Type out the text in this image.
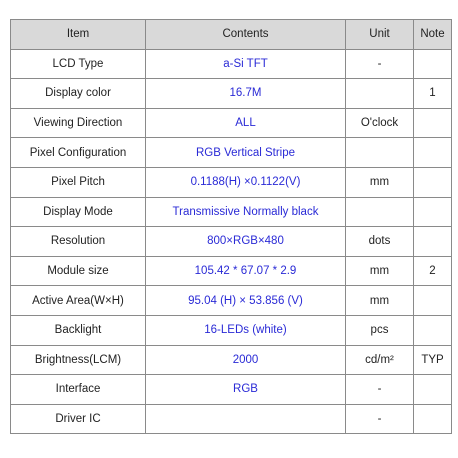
Item	Contents	Unit	Note
LCD Type	a-Si TFT	-	
Display color	16.7M		1
Viewing Direction	ALL	O'clock	
Pixel Configuration	RGB Vertical Stripe		
Pixel Pitch	0.1188(H) ×0.1122(V)	mm	
Display Mode	Transmissive Normally black		
Resolution	800×RGB×480	dots	
Module size	105.42 * 67.07 * 2.9	mm	2
Active Area(W×H)	95.04 (H) × 53.856 (V)	mm	
Backlight	16-LEDs (white)	pcs	
Brightness(LCM)	2000	cd/m²	TYP
Interface	RGB	-	
Driver IC		-	
